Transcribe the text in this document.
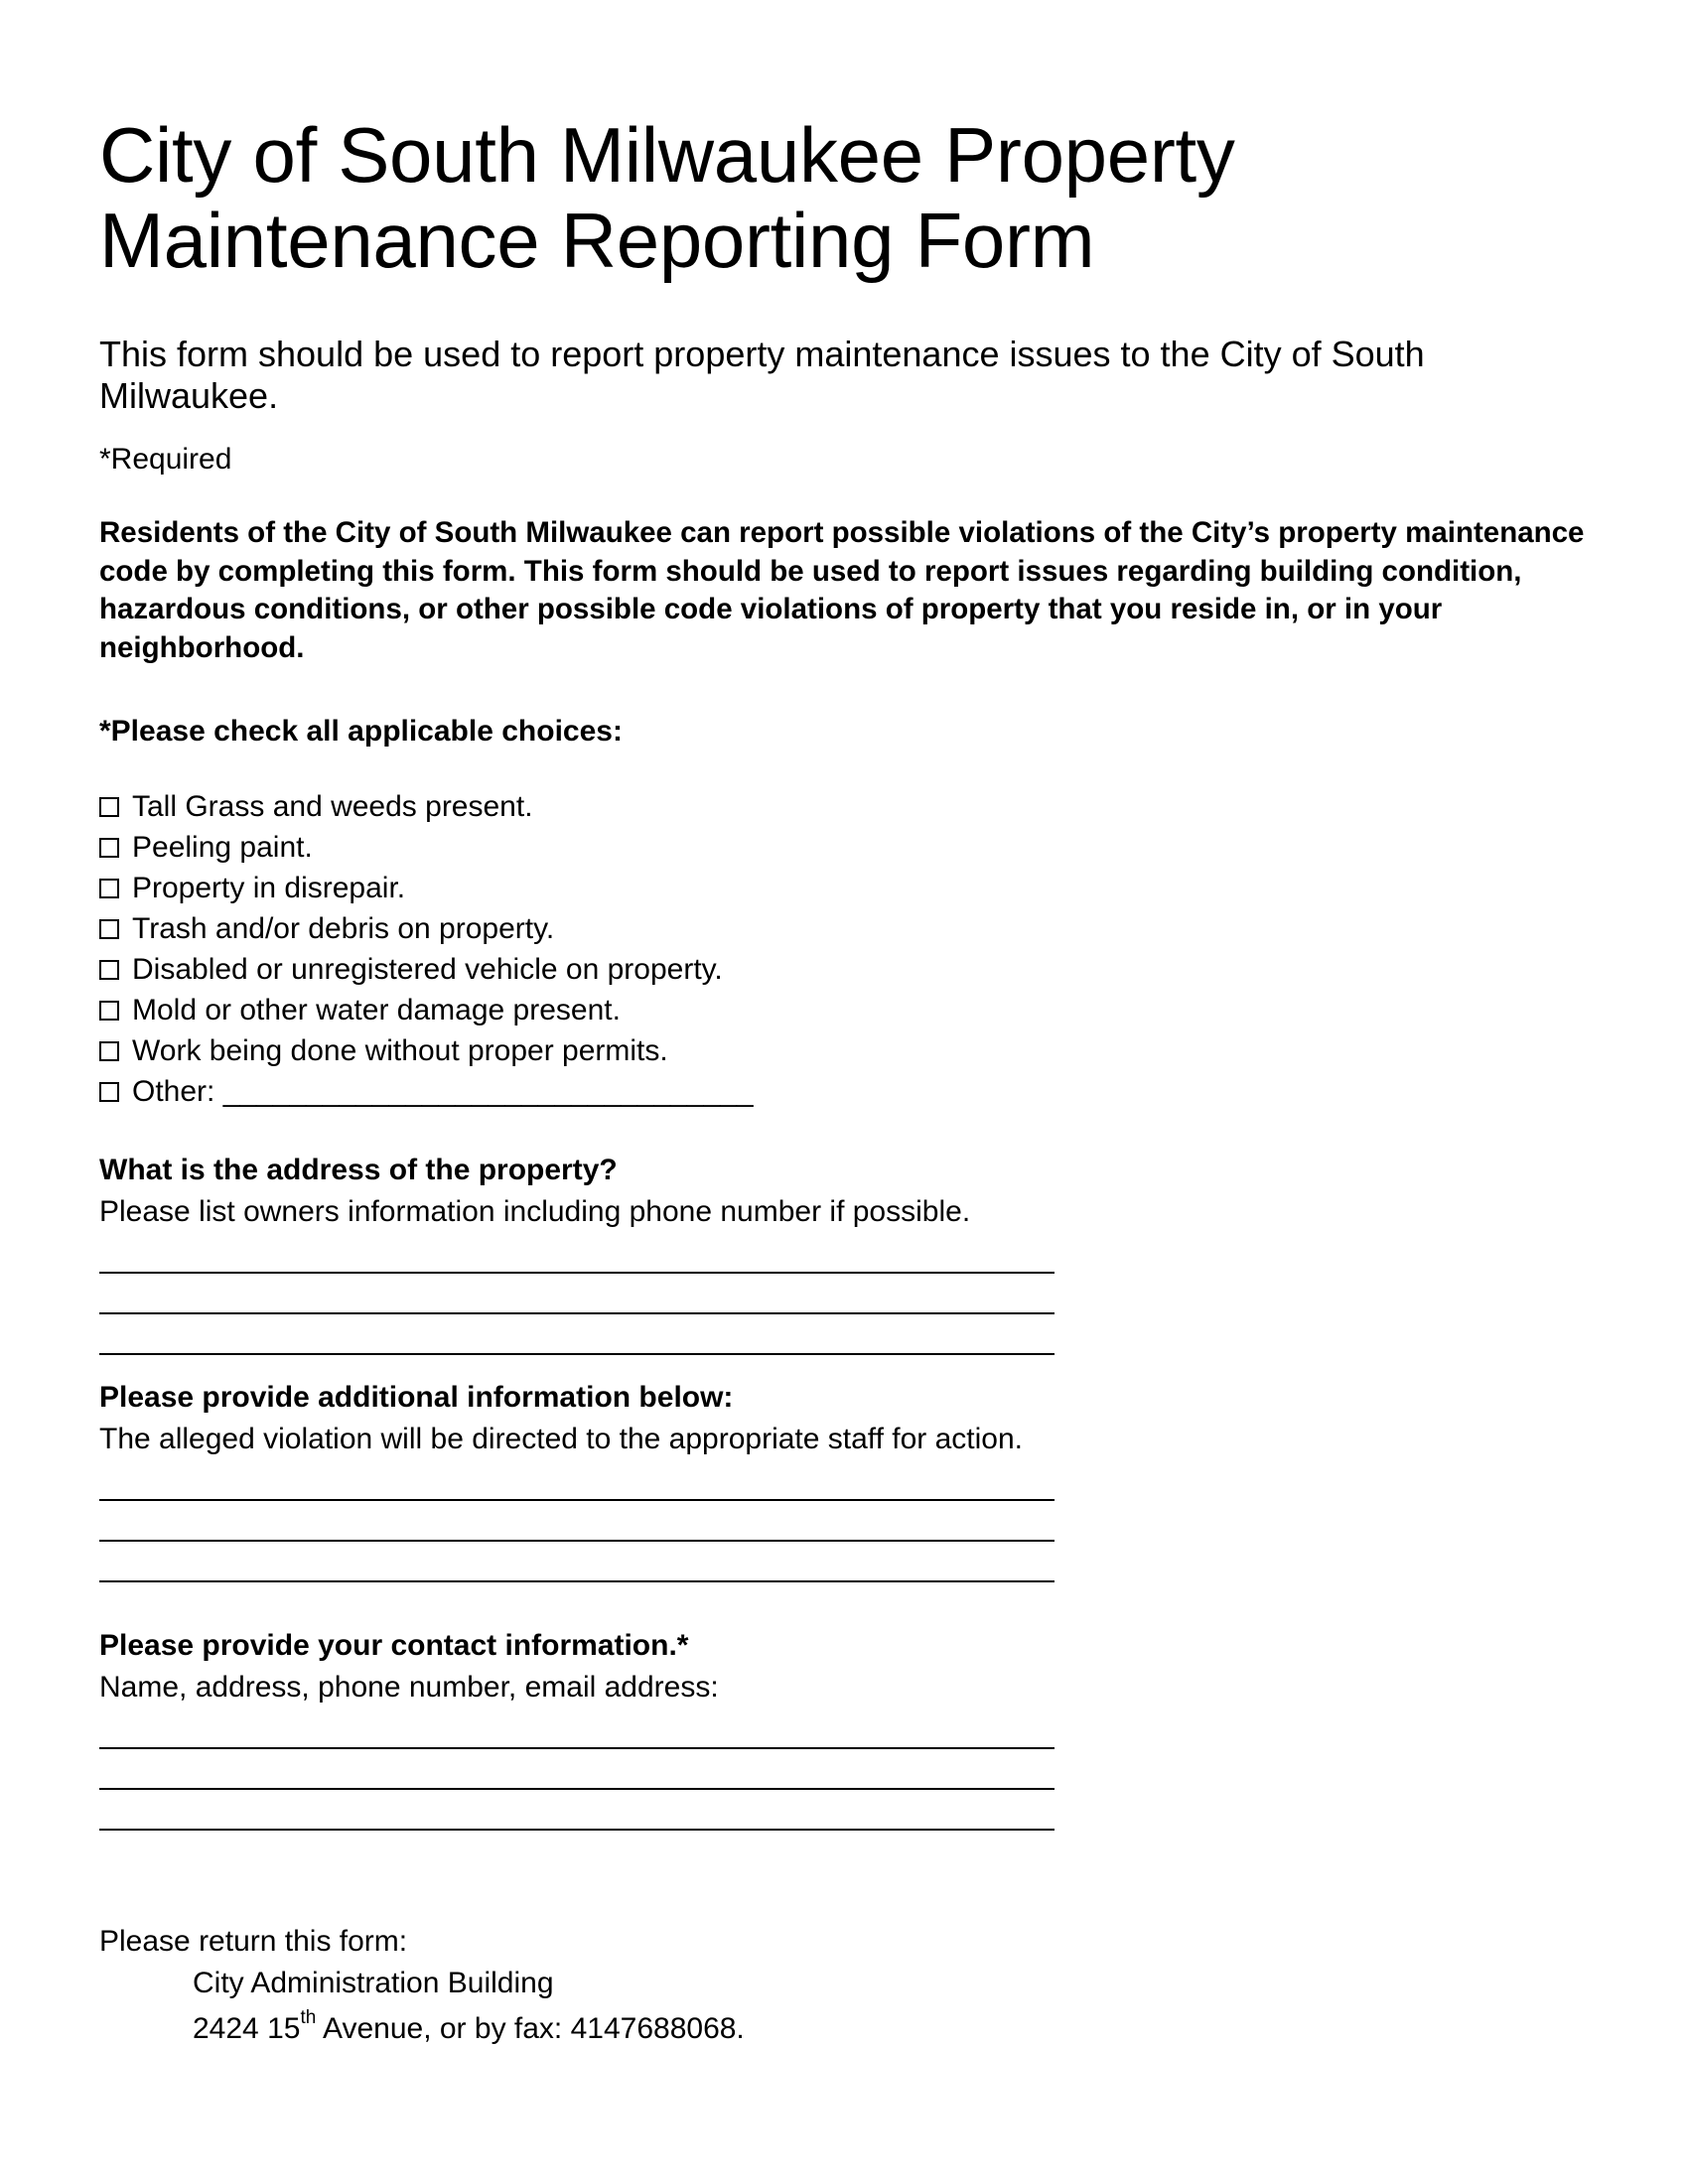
City of South Milwaukee Property
Maintenance Reporting Form
This form should be used to report property maintenance issues to the City of South Milwaukee.
*Required
Residents of the City of South Milwaukee can report possible violations of the City’s property maintenance code by completing this form. This form should be used to report issues regarding building condition, hazardous conditions, or other possible code violations of property that you reside in, or in your neighborhood.
*Please check all applicable choices:
Tall Grass and weeds present.
Peeling paint.
Property in disrepair.
Trash and/or debris on property.
Disabled or unregistered vehicle on property.
Mold or other water damage present.
Work being done without proper permits.
Other: ________________________________
What is the address of the property?
Please list owners information including phone number if possible.
Please provide additional information below:
The alleged violation will be directed to the appropriate staff for action.
Please provide your contact information.*
Name, address, phone number, email address:
Please return this form:
City Administration Building
2424 15th Avenue, or by fax: 4147688068.
